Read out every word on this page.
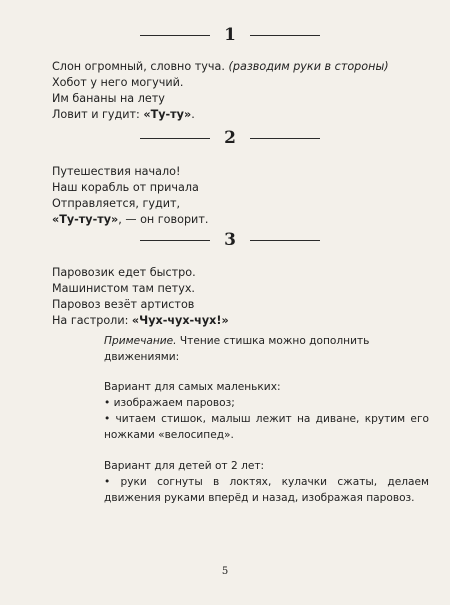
1
Слон огромный, словно туча. (разводим руки в стороны)
Хобот у него могучий.
Им бананы на лету
Ловит и гудит: «Ту-ту».
2
Путешествия начало!
Наш корабль от причала
Отправляется, гудит,
«Ту-ту-ту», — он говорит.
3
Паровозик едет быстро.
Машинистом там петух.
Паровоз везёт артистов
На гастроли: «Чух-чух-чух!»

Примечание. Чтение стишка можно дополнить движениями:

Вариант для самых маленьких:

• изображаем паровоз;

• читаем стишок, малыш лежит на диване, крутим его ножками «велосипед».

Вариант для детей от 2 лет:

• руки согнуты в локтях, кулачки сжаты, делаем движения руками вперёд и назад, изображая паровоз.

5
